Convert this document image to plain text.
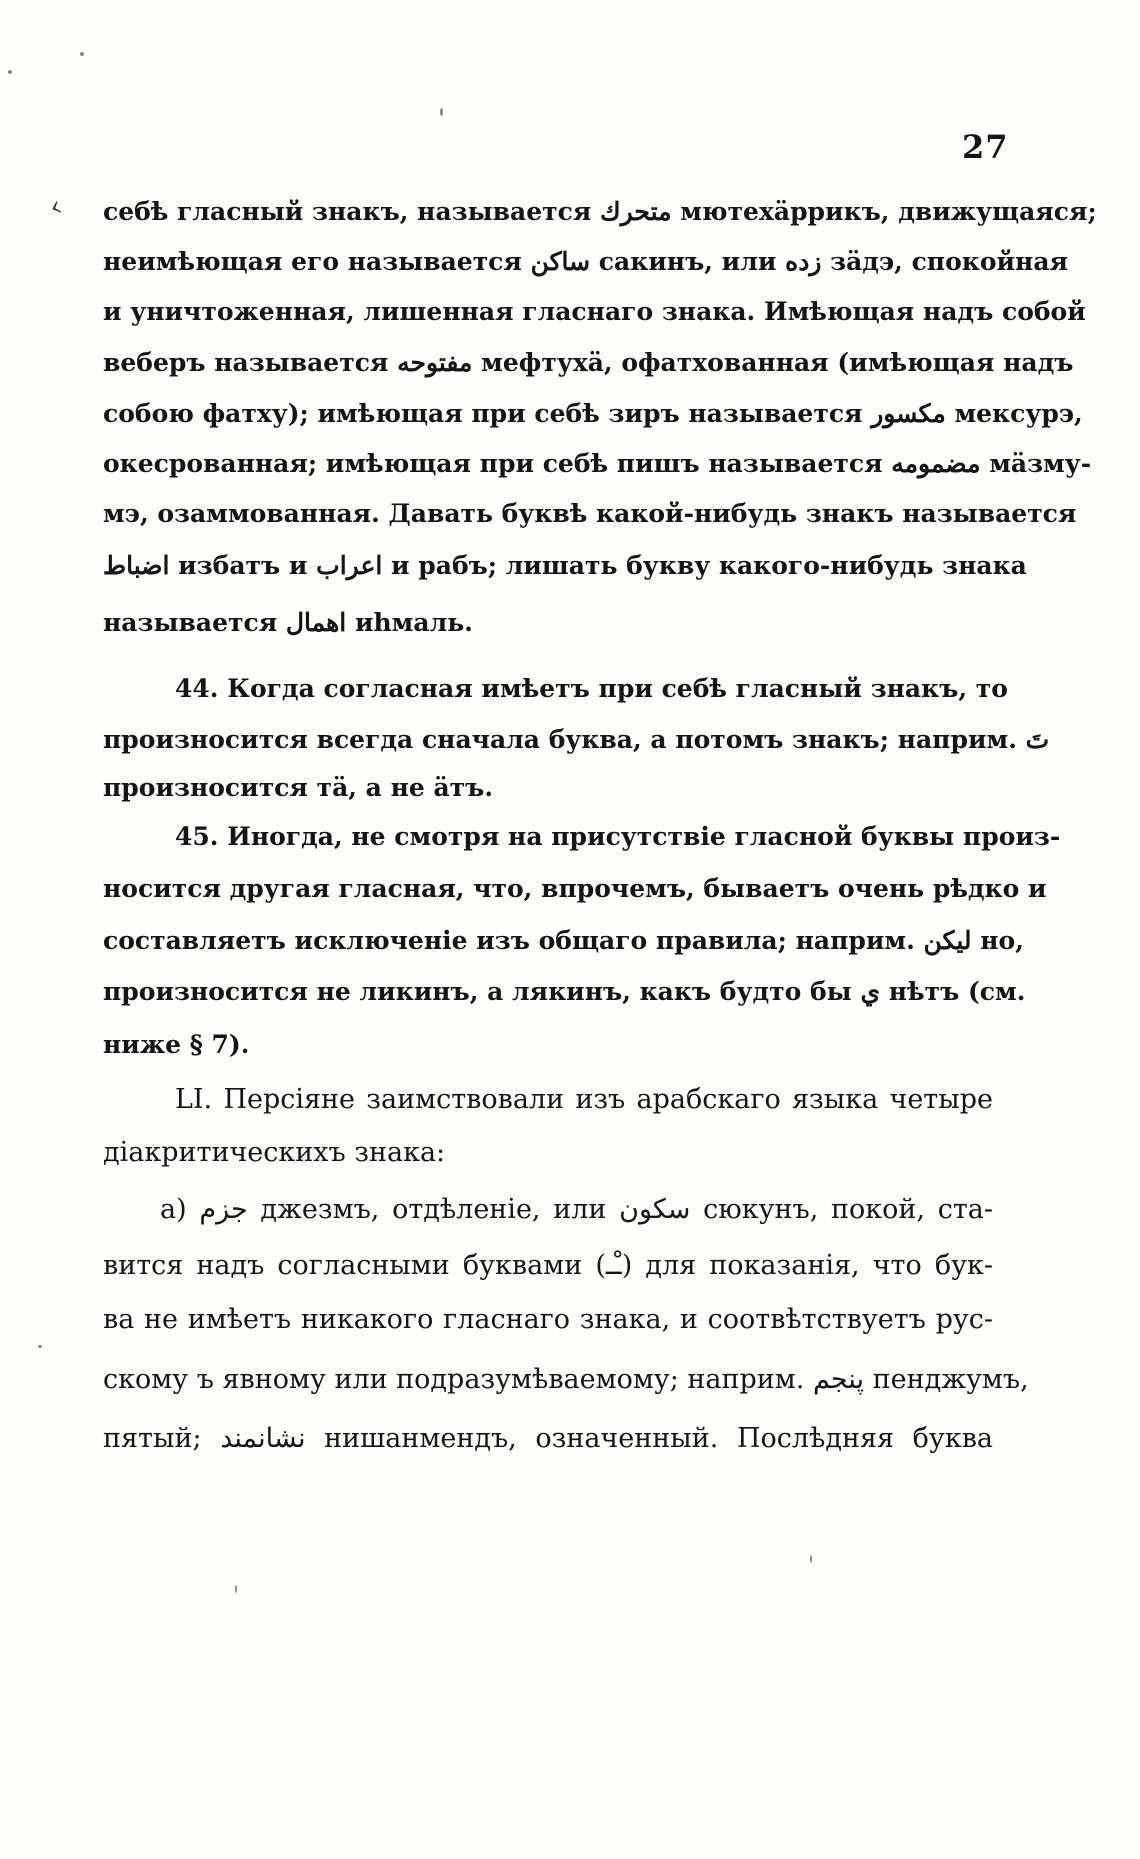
‹
27
себѣ гласный знакъ, называется متحرك мютехäррикъ, движущаяся;
неимѣющая его называется ساكن сакинъ, или زده зäдэ, спокойная
и уничтоженная, лишенная гласнаго знака. Имѣющая надъ собой
веберъ называется مفتوحه мефтухä, офатхованная (имѣющая надъ
собою фатху); имѣющая при себѣ зиръ называется مكسور мексурэ,
окесрованная; имѣющая при себѣ пишъ называется مضمومه мäзму-
мэ, озаммованная. Давать буквѣ какой-нибудь знакъ называется
اضباط избатъ и اعراب и рабъ; лишать букву какого-нибудь знака
называется اهمال иhмаль.
44. Когда согласная имѣетъ при себѣ гласный знакъ, то
произносится всегда сначала буква, а потомъ знакъ; наприм. تَ
произносится тä, а не äтъ.
45. Иногда, не смотря на присутствіе гласной буквы произ-
носится другая гласная, что, впрочемъ, бываетъ очень рѣдко и
составляетъ исключеніе изъ общаго правила; наприм. ليكن но,
произносится не ликинъ, а лякинъ, какъ будто бы ي нѣтъ (см.
ниже § 7).
LI. Персіяне заимствовали изъ арабскаго языка четыре
діакритическихъ знака:
a) جزم джезмъ, отдѣленіе, или سكون сюкунъ, покой, ста-
вится надъ согласными буквами (ـْـ) для показанія, что бук-
ва не имѣетъ никакого гласнаго знака, и соотвѣтствуетъ рус-
скому ъ явному или подразумѣваемому; наприм. پنجم пенджумъ,
пятый; نشانمند нишанмендъ, означенный. Послѣдняя буква
